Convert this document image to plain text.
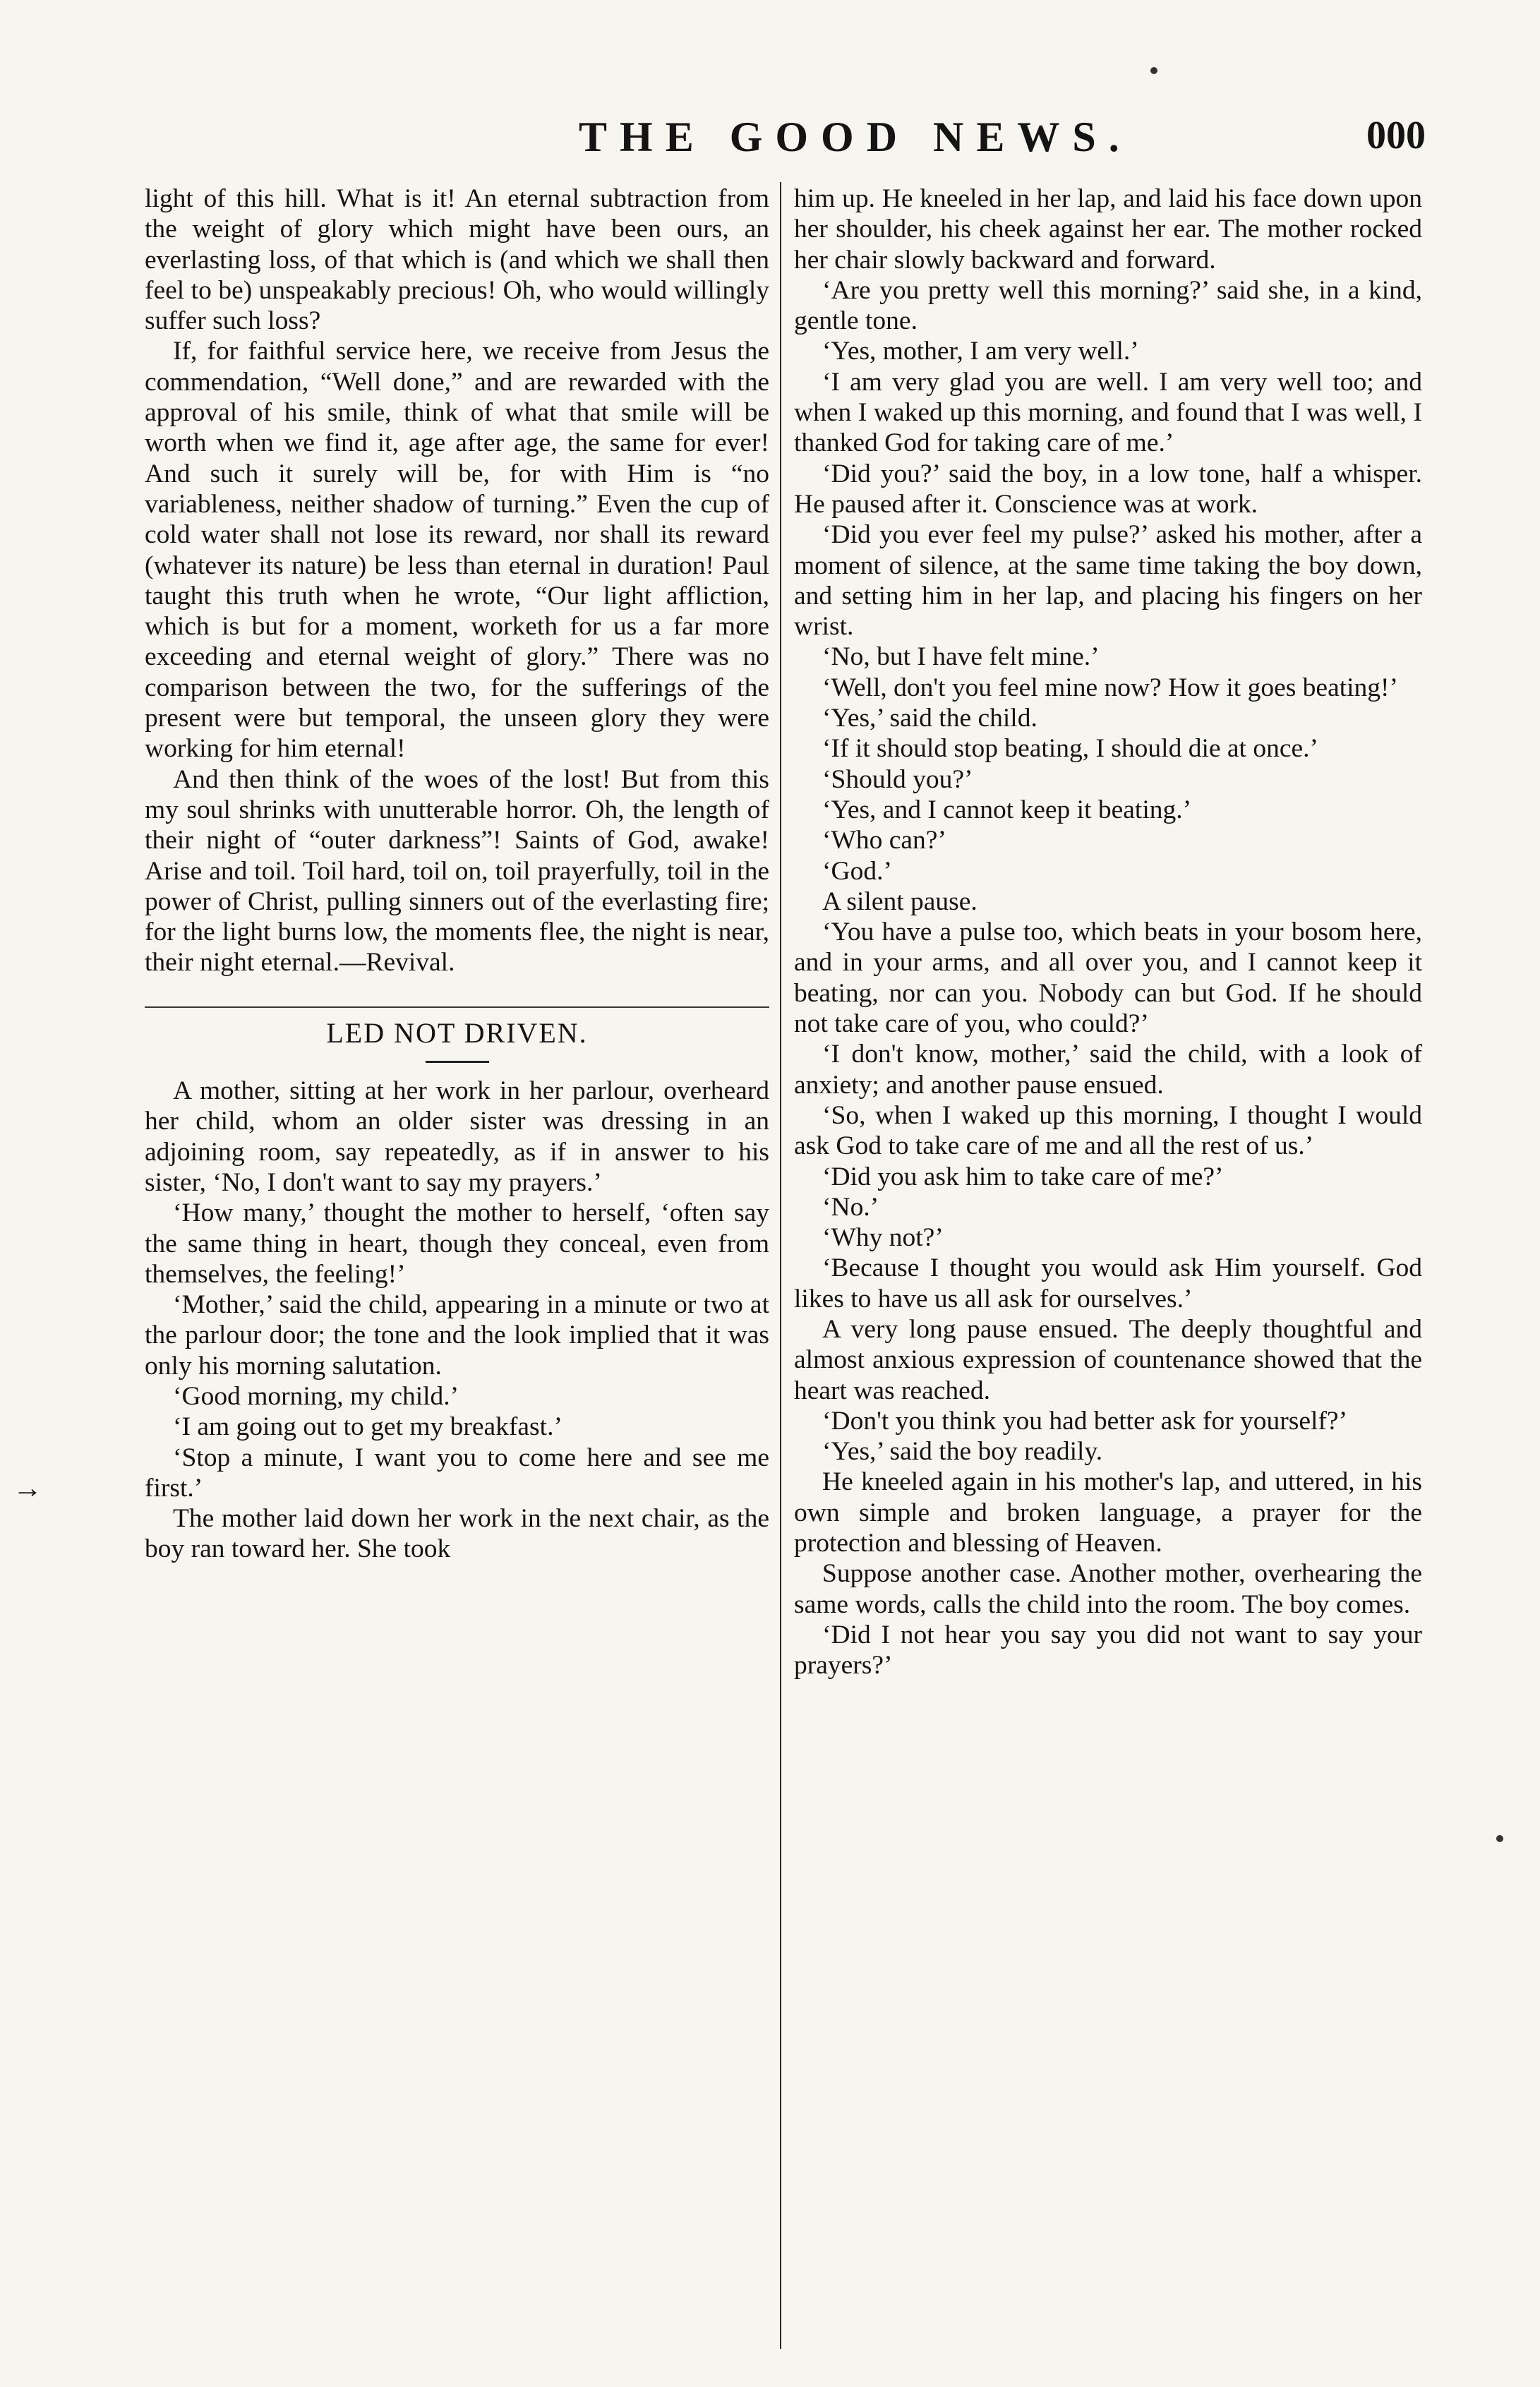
THE GOOD NEWS.	000

light of this hill. What is it! An eternal subtraction from the weight of glory which might have been ours, an everlasting loss, of that which is (and which we shall then feel to be) unspeakably precious! Oh, who would willingly suffer such loss?

If, for faithful service here, we receive from Jesus the commendation, “Well done,” and are rewarded with the approval of his smile, think of what that smile will be worth when we find it, age after age, the same for ever! And such it surely will be, for with Him is “no variableness, neither shadow of turning.” Even the cup of cold water shall not lose its reward, nor shall its reward (whatever its nature) be less than eternal in duration! Paul taught this truth when he wrote, “Our light affliction, which is but for a moment, worketh for us a far more exceeding and eternal weight of glory.” There was no comparison between the two, for the sufferings of the present were but temporal, the unseen glory they were working for him eternal!

And then think of the woes of the lost! But from this my soul shrinks with unutterable horror. Oh, the length of their night of “outer darkness”! Saints of God, awake! Arise and toil. Toil hard, toil on, toil prayerfully, toil in the power of Christ, pulling sinners out of the everlasting fire; for the light burns low, the moments flee, the night is near, their night eternal.—Revival.

LED NOT DRIVEN.

A mother, sitting at her work in her parlour, overheard her child, whom an older sister was dressing in an adjoining room, say repeatedly, as if in answer to his sister, ‘No, I don't want to say my prayers.’

‘How many,’ thought the mother to herself, ‘often say the same thing in heart, though they conceal, even from themselves, the feeling!’

‘Mother,’ said the child, appearing in a minute or two at the parlour door; the tone and the look implied that it was only his morning salutation.

‘Good morning, my child.’

‘I am going out to get my breakfast.’

‘Stop a minute, I want you to come here and see me first.’

The mother laid down her work in the next chair, as the boy ran toward her. She took

him up. He kneeled in her lap, and laid his face down upon her shoulder, his cheek against her ear. The mother rocked her chair slowly backward and forward.

‘Are you pretty well this morning?’ said she, in a kind, gentle tone.

‘Yes, mother, I am very well.’

‘I am very glad you are well. I am very well too; and when I waked up this morning, and found that I was well, I thanked God for taking care of me.’

‘Did you?’ said the boy, in a low tone, half a whisper. He paused after it. Conscience was at work.

‘Did you ever feel my pulse?’ asked his mother, after a moment of silence, at the same time taking the boy down, and setting him in her lap, and placing his fingers on her wrist.

‘No, but I have felt mine.’

‘Well, don't you feel mine now? How it goes beating!’

‘Yes,’ said the child.

‘If it should stop beating, I should die at once.’

‘Should you?’

‘Yes, and I cannot keep it beating.’

‘Who can?’

‘God.’

A silent pause.

‘You have a pulse too, which beats in your bosom here, and in your arms, and all over you, and I cannot keep it beating, nor can you. Nobody can but God. If he should not take care of you, who could?’

‘I don't know, mother,’ said the child, with a look of anxiety; and another pause ensued.

‘So, when I waked up this morning, I thought I would ask God to take care of me and all the rest of us.’

‘Did you ask him to take care of me?’

‘No.’

‘Why not?’

‘Because I thought you would ask Him yourself. God likes to have us all ask for ourselves.’

A very long pause ensued. The deeply thoughtful and almost anxious expression of countenance showed that the heart was reached.

‘Don't you think you had better ask for yourself?’

‘Yes,’ said the boy readily.

He kneeled again in his mother's lap, and uttered, in his own simple and broken language, a prayer for the protection and blessing of Heaven.

Suppose another case. Another mother, overhearing the same words, calls the child into the room. The boy comes.

‘Did I not hear you say you did not want to say your prayers?’

→
